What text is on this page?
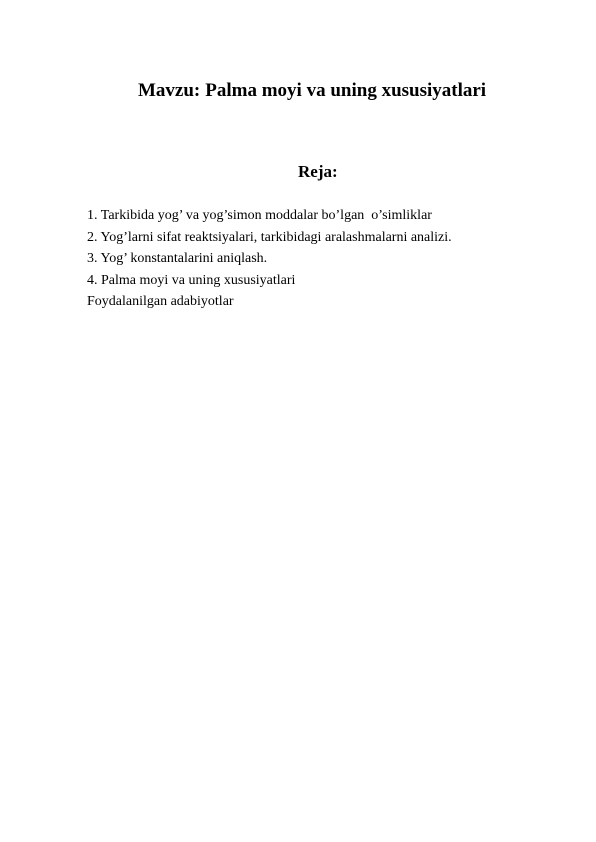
Mavzu: Palma moyi va uning xususiyatlari
Reja:
1. Tarkibida yog’ va yog’simon moddalar bo’lgan  o’simliklar
2. Yog’larni sifat reaktsiyalari, tarkibidagi aralashmalarni analizi.
3. Yog’ konstantalarini aniqlash.
4. Palma moyi va uning xususiyatlari
Foydalanilgan adabiyotlar
